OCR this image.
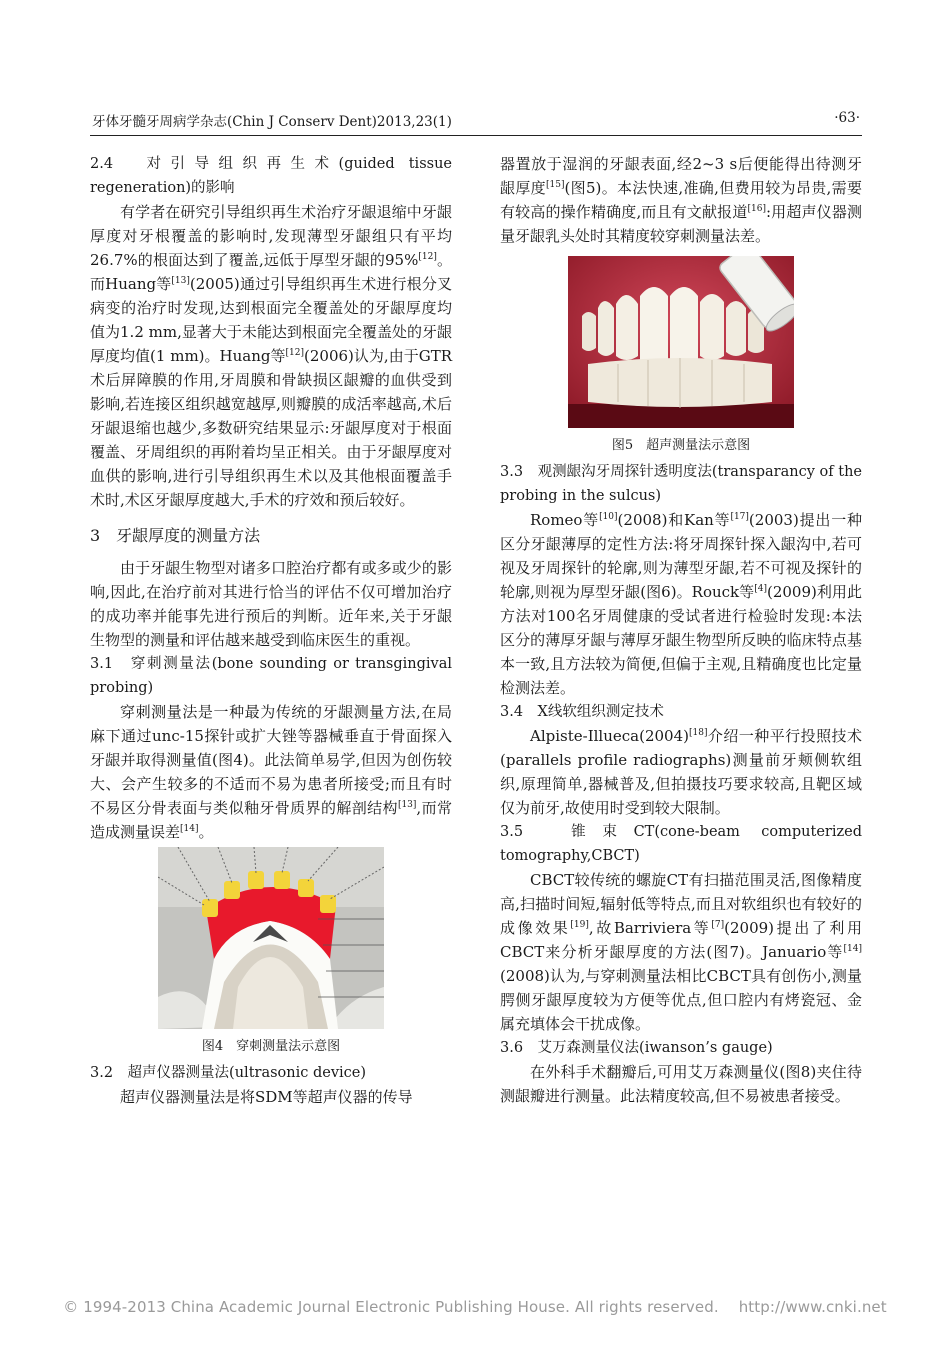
牙体牙髓牙周病学杂志(Chin J Conserv Dent)2013,23(1)	·63·

2.4　对引导组织再生术(guided tissue regeneration)的影响

有学者在研究引导组织再生术治疗牙龈退缩中牙龈厚度对牙根覆盖的影响时,发现薄型牙龈组只有平均26.7%的根面达到了覆盖,远低于厚型牙龈的95%[12]。而Huang等[13](2005)通过引导组织再生术进行根分叉病变的治疗时发现,达到根面完全覆盖处的牙龈厚度均值为1.2 mm,显著大于未能达到根面完全覆盖处的牙龈厚度均值(1 mm)。Huang等[12](2006)认为,由于GTR术后屏障膜的作用,牙周膜和骨缺损区龈瓣的血供受到影响,若连接区组织越宽越厚,则瓣膜的成活率越高,术后牙龈退缩也越少,多数研究结果显示:牙龈厚度对于根面覆盖、牙周组织的再附着均呈正相关。由于牙龈厚度对血供的影响,进行引导组织再生术以及其他根面覆盖手术时,术区牙龈厚度越大,手术的疗效和预后较好。

3　牙龈厚度的测量方法

由于牙龈生物型对诸多口腔治疗都有或多或少的影响,因此,在治疗前对其进行恰当的评估不仅可增加治疗的成功率并能事先进行预后的判断。近年来,关于牙龈生物型的测量和评估越来越受到临床医生的重视。

3.1　穿刺测量法(bone sounding or transgingival probing)

穿刺测量法是一种最为传统的牙龈测量方法,在局麻下通过unc-15探针或扩大锉等器械垂直于骨面探入牙龈并取得测量值(图4)。此法简单易学,但因为创伤较大、会产生较多的不适而不易为患者所接受;而且有时不易区分骨表面与类似釉牙骨质界的解剖结构[13],而常造成测量误差[14]。

图4　穿刺测量法示意图

3.2　超声仪器测量法(ultrasonic device)

超声仪器测量法是将SDM等超声仪器的传导

器置放于湿润的牙龈表面,经2~3 s后便能得出待测牙龈厚度[15](图5)。本法快速,准确,但费用较为昂贵,需要有较高的操作精确度,而且有文献报道[16]:用超声仪器测量牙龈乳头处时其精度较穿刺测量法差。

图5　超声测量法示意图

3.3　观测龈沟牙周探针透明度法(transparancy of the probing in the sulcus)

Romeo等[10](2008)和Kan等[17](2003)提出一种区分牙龈薄厚的定性方法:将牙周探针探入龈沟中,若可视及牙周探针的轮廓,则为薄型牙龈,若不可视及探针的轮廓,则视为厚型牙龈(图6)。Rouck等[4](2009)利用此方法对100名牙周健康的受试者进行检验时发现:本法区分的薄厚牙龈与薄厚牙龈生物型所反映的临床特点基本一致,且方法较为简便,但偏于主观,且精确度也比定量检测法差。

3.4　X线软组织测定技术

Alpiste-Illueca(2004)[18]介绍一种平行投照技术(parallels profile radiographs)测量前牙颊侧软组织,原理简单,器械普及,但拍摄技巧要求较高,且靶区域仅为前牙,故使用时受到较大限制。

3.5　锥束CT(cone-beam computerized tomography,CBCT)

CBCT较传统的螺旋CT有扫描范围灵活,图像精度高,扫描时间短,辐射低等特点,而且对软组织也有较好的成像效果[19],故Barriviera等[7](2009)提出了利用CBCT来分析牙龈厚度的方法(图7)。Januario等[14](2008)认为,与穿刺测量法相比CBCT具有创伤小,测量腭侧牙龈厚度较为方便等优点,但口腔内有烤瓷冠、金属充填体会干扰成像。

3.6　艾万森测量仪法(iwanson’s gauge)

在外科手术翻瓣后,可用艾万森测量仪(图8)夹住待测龈瓣进行测量。此法精度较高,但不易被患者接受。

© 1994-2013 China Academic Journal Electronic Publishing House. All rights reserved.　 http://www.cnki.net
